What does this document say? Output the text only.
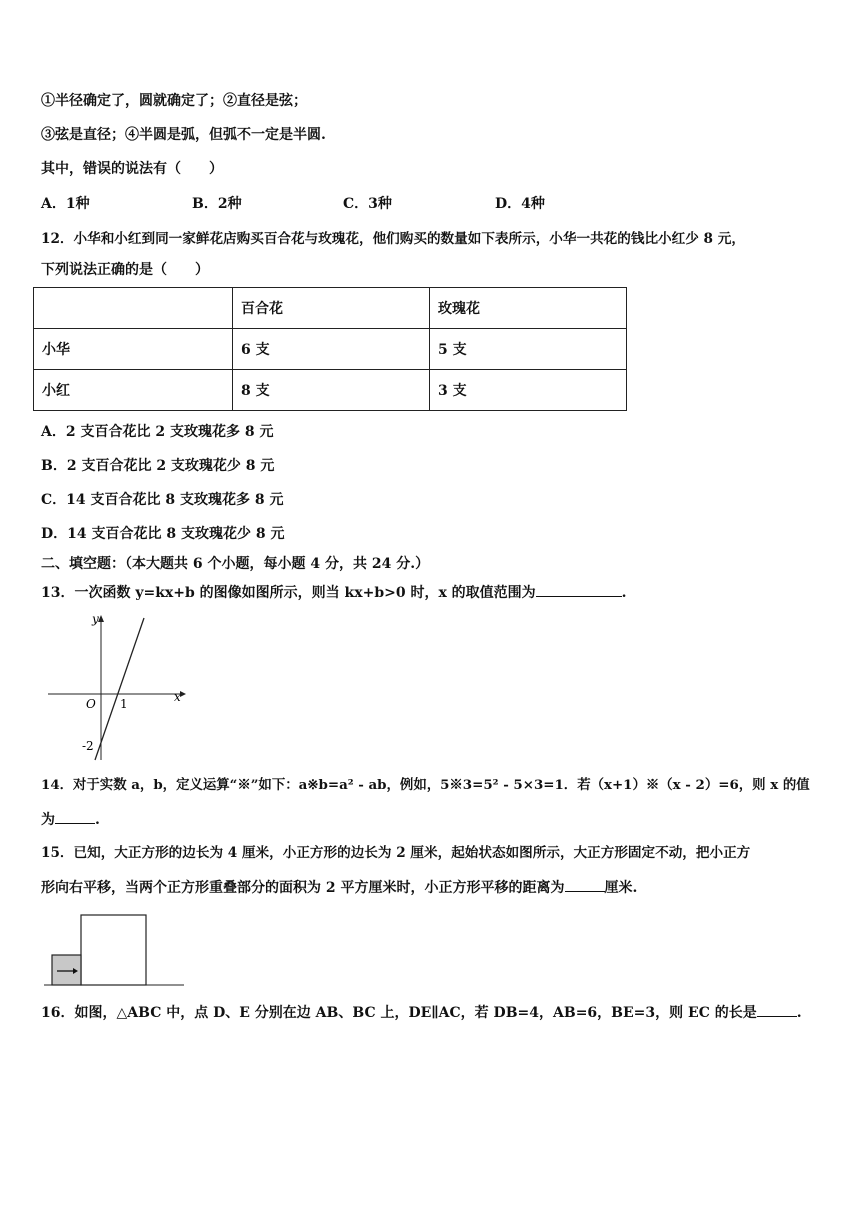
①半径确定了，圆就确定了；②直径是弦；
③弦是直径；④半圆是弧，但弧不一定是半圆.
其中，错误的说法有（　　）
A．1种	B．2种	C．3种	D．4种
12．小华和小红到同一家鲜花店购买百合花与玫瑰花，他们购买的数量如下表所示，小华一共花的钱比小红少 8 元，
下列说法正确的是（　　）
	百合花	玫瑰花
小华	6 支	5 支
小红	8 支	3 支
A．2 支百合花比 2 支玫瑰花多 8 元
B．2 支百合花比 2 支玫瑰花少 8 元
C．14 支百合花比 8 支玫瑰花多 8 元
D．14 支百合花比 8 支玫瑰花少 8 元
二、填空题：（本大题共 6 个小题，每小题 4 分，共 24 分.）
13．一次函数 y=kx+b 的图像如图所示，则当 kx+b>0 时，x 的取值范围为	.
y
x
O 1
-2
14．对于实数 a，b，定义运算“※”如下：a※b=a² - ab，例如，5※3=5² - 5×3=1．若（x+1）※（x - 2）=6，则 x 的值
为	.
15．已知，大正方形的边长为 4 厘米，小正方形的边长为 2 厘米，起始状态如图所示，大正方形固定不动，把小正方
形向右平移，当两个正方形重叠部分的面积为 2 平方厘米时，小正方形平移的距离为	厘米.
16．如图，△ABC 中，点 D、E 分别在边 AB、BC 上，DE∥AC，若 DB=4，AB=6，BE=3，则 EC 的长是	.
